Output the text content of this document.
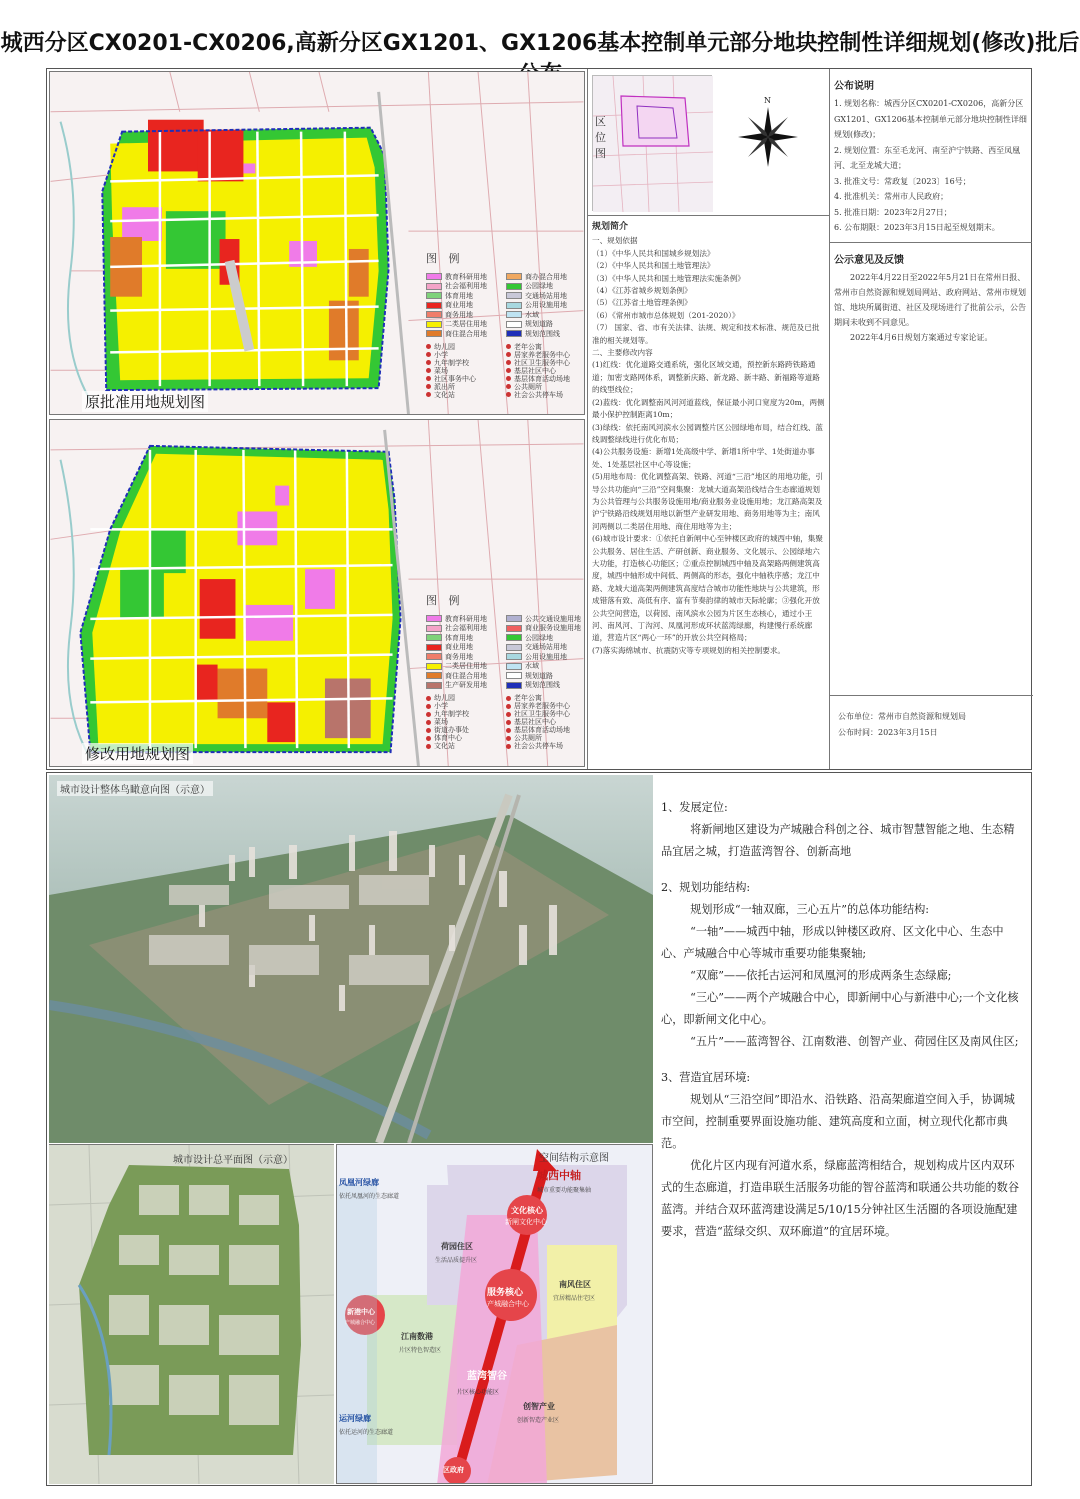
城西分区CX0201-CX0206,高新分区GX1201、GX1206基本控制单元部分地块控制性详细规划(修改)批后
原批准用地规划图
图 例
教育科研用地	商办混合用地
社会福利用地	公园绿地
体育用地	交通场站用地
商业用地	公用设施用地
商务用地	水域
二类居住用地	规划道路
商住混合用地	规划范围线
幼儿园	老年公寓
小学	居家养老服务中心
九年制学校	社区卫生服务中心
菜场	基层社区中心
社区事务中心	基层体育活动场地
派出所	公共厕所
文化站	社会公共停车场
修改用地规划图
图 例
教育科研用地	公共交通设施用地
社会福利用地	商业服务设施用地
体育用地	公园绿地
商业用地	交通场站用地
商务用地	公用设施用地
二类居住用地	水域
商住混合用地	规划道路
生产研发用地	规划范围线
幼儿园	老年公寓
小学	居家养老服务中心
九年制学校	社区卫生服务中心
菜场	基层社区中心
街道办事处	基层体育活动场地
体育中心	公共厕所
文化站	社会公共停车场
区位图
N
规划简介
一、规划依据
（1）《中华人民共和国城乡规划法》
（2）《中华人民共和国土地管理法》
（3）《中华人民共和国土地管理法实施条例》
（4）《江苏省城乡规划条例》
（5）《江苏省土地管理条例》
（6）《常州市城市总体规划（201-2020）》
（7） 国家、省、市有关法律、法规、规定和技术标准、规范及已批准的相关规划等。
二、主要修改内容
(1)红线：优化道路交通系统，强化区域交通，预控新东路跨铁路通道；加密支路网体系，调整新庆路、新龙路、新丰路、新福路等道路的线型线位；
(2)蓝线：优化调整南风河河道蓝线，保证最小河口宽度为20m，两侧最小保护控制距离10m；
(3)绿线：依托南风河滨水公园调整片区公园绿地布局，结合红线、蓝线调整绿线进行优化布局；
(4)公共服务设施：新增1处高级中学、新增1所中学、1处街道办事处、1处基层社区中心等设施；
(5)用地布局：优化调整高架、铁路、河道“三沿”地区的用地功能，引导公共功能向“三沿”空间集聚：龙城大道高架沿线结合生态廊道规划为公共管理与公共服务设施用地/商业服务业设施用地；龙江路高架及沪宁铁路沿线规划用地以新型产业研发用地、商务用地等为主；南风河两侧以二类居住用地、商住用地等为主；
(6)城市设计要求：①依托自新闸中心至钟楼区政府的城西中轴，集聚公共服务、居住生活、产研创新、商业服务、文化展示、公园绿地六大功能，打造核心功能区；②重点控制城西中轴及高架路两侧建筑高度，城西中轴形成中间低、两侧高的形态，强化中轴秩序感；龙江中路、龙城大道高架两侧建筑高度结合城市功能性地块与公共建筑，形成错落有致、高低有序、富有节奏韵律的城市天际轮廓；③强化开放公共空间营造，以荷园、南风滨水公园为片区生态核心，通过小王河、南风河、丁沟河、凤凰河形成环状蓝湾绿廊，构建慢行系统廊道，营造片区“两心一环”的开放公共空间格局；
(7)落实海绵城市、抗震防灾等专项规划的相关控制要求。
公布说明
1. 规划名称：城西分区CX0201-CX0206，高新分区GX1201、GX1206基本控制单元部分地块控制性详细规划(修改)；
2. 规划位置：东至毛龙河、南至沪宁铁路、西至凤凰河、北至龙城大道；
3. 批准文号：常政复〔2023〕16号；
4. 批准机关：常州市人民政府；
5. 批准日期：2023年2月27日；
6. 公布期限：2023年3月15日起至规划期末。
公示意见及反馈
2022年4月22日至2022年5月21日在常州日报、常州市自然资源和规划局网站、政府网站、常州市规划馆、地块所属街道、社区及现场进行了批前公示，公告期间未收到不同意见。
2022年4月6日规划方案通过专家论证。
公布单位：常州市自然资源和规划局
公布时间：2023年3月15日
城市设计整体鸟瞰意向图（示意）
城市设计总平面图（示意）	空间结构示意图
城西中轴
城市重要功能聚集轴
凤凰河绿廊
依托凤凰河的生态廊道
运河绿廊
依托运河的生态廊道
文化核心
新闸文化中心
服务核心
产城融合中心
新港中心
产城融合中心
荷园住区
生活品质提升区
南风住区
宜居精品住宅区
江南数港
片区特色智造区
蓝湾智谷
片区核心功能区
创智产业
创新智造产业区
区政府

1、发展定位:

将新闸地区建设为产城融合科创之谷、城市智慧智能之地、生态精品宜居之城，打造蓝湾智谷、创新高地

2、规划功能结构:

规划形成“一轴双廊，三心五片”的总体功能结构:

“一轴”——城西中轴，形成以钟楼区政府、区文化中心、生态中心、产城融合中心等城市重要功能集聚轴;

“双廊”——依托古运河和凤凰河的形成两条生态绿廊;

“三心”——两个产城融合中心，即新闸中心与新港中心;一个文化核心，即新闸文化中心。

“五片”——蓝湾智谷、江南数港、创智产业、荷园住区及南风住区;

3、营造宜居环境:

规划从“三沿空间”即沿水、沿铁路、沿高架廊道空间入手，协调城市空间，控制重要界面设施功能、建筑高度和立面，树立现代化都市典范。

优化片区内现有河道水系，绿廊蓝湾相结合，规划构成片区内双环式的生态廊道，打造串联生活服务功能的智谷蓝湾和联通公共功能的数谷蓝湾。并结合双环蓝湾建设满足5/10/15分钟社区生活圈的各项设施配建要求，营造“蓝绿交织、双环廊道”的宜居环境。
